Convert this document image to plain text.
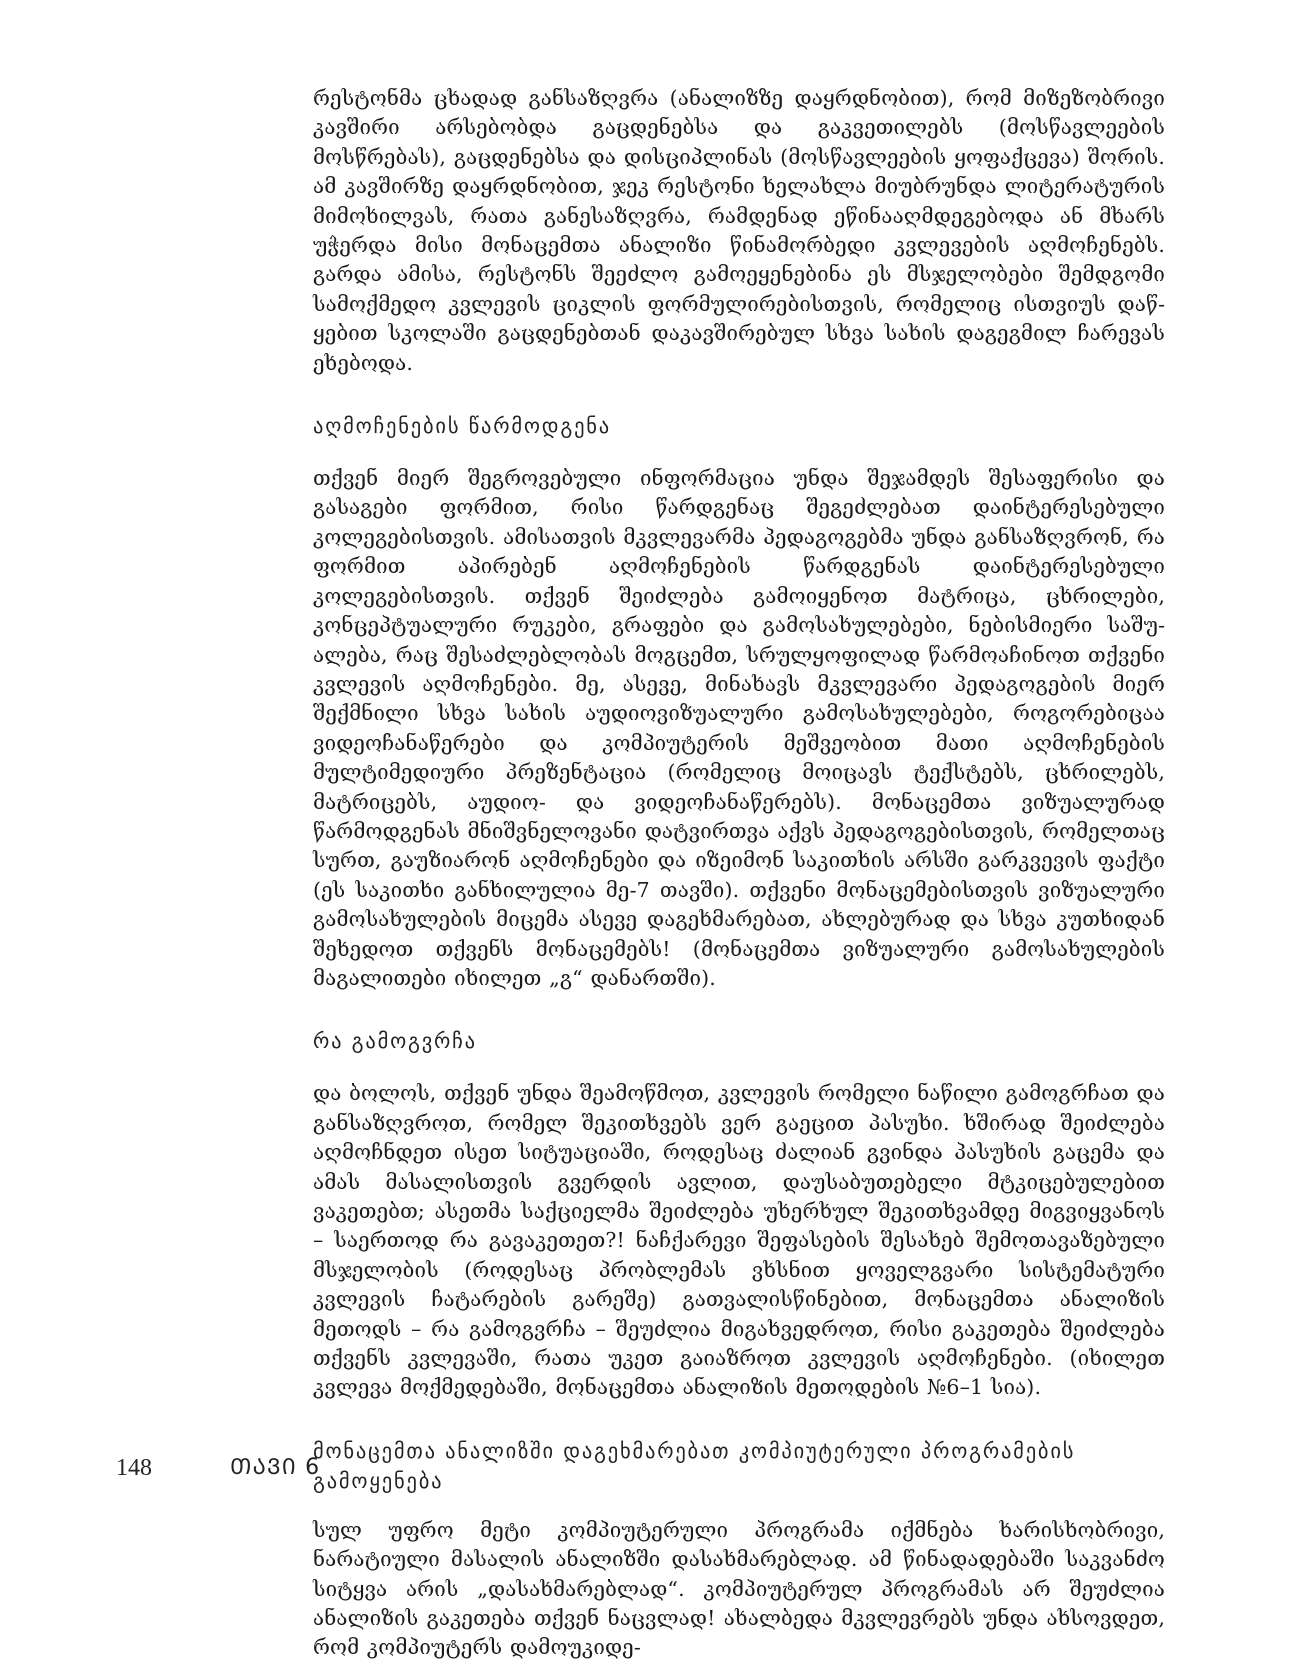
რესტონმა ცხადად განსაზღვრა (ანალიზზე დაყრდნობით), რომ მიზეზობრივი კავშირი არსებობდა გაცდენებსა და გაკვეთილებს (მოსწავლეების მოსწრებას), გაცდენებსა და დისციპლინას (მოსწავლეების ყოფაქცევა) შორის. ამ კავშირზე დაყრდნობით, ჯეკ რესტონი ხელახლა მიუბრუნდა ლიტერატურის მიმოხილვას, რათა განესაზღვრა, რამდენად ეწინააღმდეგებოდა ან მხარს უჭერდა მისი მონაცემთა ანალიზი წინამორბედი კვლევების აღმოჩენებს. გარდა ამისა, რესტონს შეეძლო გამოეყენებინა ეს მსჯელობები შემდგომი სამოქმედო კვლევის ციკლის ფორმულირებისთვის, რომელიც ისთვიუს დაწყებით სკოლაში გაცდენებთან დაკავშირებულ სხვა სახის დაგეგმილ ჩარევას ეხებოდა.

აღმოჩენების წარმოდგენა

თქვენ მიერ შეგროვებული ინფორმაცია უნდა შეჯამდეს შესაფერისი და გასაგები ფორმით, რისი წარდგენაც შეგეძლებათ დაინტერესებული კოლეგებისთვის. ამისათვის მკვლევარმა პედაგოგებმა უნდა განსაზღვრონ, რა ფორმით აპირებენ აღმოჩენების წარდგენას დაინტერესებული კოლეგებისთვის. თქვენ შეიძლება გამოიყენოთ მატრიცა, ცხრილები, კონცეპტუალური რუკები, გრაფები და გამოსახულებები, ნებისმიერი საშუალება, რაც შესაძლებლობას მოგცემთ, სრულყოფილად წარმოაჩინოთ თქვენი კვლევის აღმოჩენები. მე, ასევე, მინახავს მკვლევარი პედაგოგების მიერ შექმნილი სხვა სახის აუდიოვიზუალური გამოსახულებები, როგორებიცაა ვიდეოჩანაწერები და კომპიუტერის მეშვეობით მათი აღმოჩენების მულტიმედიური პრეზენტაცია (რომელიც მოიცავს ტექსტებს, ცხრილებს, მატრიცებს, აუდიო- და ვიდეოჩანაწერებს). მონაცემთა ვიზუალურად წარმოდგენას მნიშვნელოვანი დატვირთვა აქვს პედაგოგებისთვის, რომელთაც სურთ, გაუზიარონ აღმოჩენები და იზეიმონ საკითხის არსში გარკვევის ფაქტი (ეს საკითხი განხილულია მე-7 თავში). თქვენი მონაცემებისთვის ვიზუალური გამოსახულების მიცემა ასევე დაგეხმარებათ, ახლებურად და სხვა კუთხიდან შეხედოთ თქვენს მონაცემებს! (მონაცემთა ვიზუალური გამოსახულების მაგალითები იხილეთ „გ“ დანართში).

რა გამოგვრჩა

და ბოლოს, თქვენ უნდა შეამოწმოთ, კვლევის რომელი ნაწილი გამოგრჩათ და განსაზღვროთ, რომელ შეკითხვებს ვერ გაეცით პასუხი. ხშირად შეიძლება აღმოჩნდეთ ისეთ სიტუაციაში, როდესაც ძალიან გვინდა პასუხის გაცემა და ამას მასალისთვის გვერდის ავლით, დაუსაბუთებელი მტკიცებულებით ვაკეთებთ; ასეთმა საქციელმა შეიძლება უხერხულ შეკითხვამდე მიგვიყვანოს – საერთოდ რა გავაკეთეთ?! ნაჩქარევი შეფასების შესახებ შემოთავაზებული მსჯელობის (როდესაც პრობლემას ვხსნით ყოველგვარი სისტემატური კვლევის ჩატარების გარეშე) გათვალისწინებით, მონაცემთა ანალიზის მეთოდს – რა გამოგვრჩა – შეუძლია მიგახვედროთ, რისი გაკეთება შეიძლება თქვენს კვლევაში, რათა უკეთ გაიაზროთ კვლევის აღმოჩენები. (იხილეთ კვლევა მოქმედებაში, მონაცემთა ანალიზის მეთოდების №6–1 სია).

მონაცემთა ანალიზში დაგეხმარებათ კომპიუტერული პროგრამების გამოყენება

სულ უფრო მეტი კომპიუტერული პროგრამა იქმნება ხარისხობრივი, ნარატიული მასალის ანალიზში დასახმარებლად. ამ წინადადებაში საკვანძო სიტყვა არის „დასახმარებლად“. კომპიუტერულ პროგრამას არ შეუძლია ანალიზის გაკეთება თქვენ ნაცვლად! ახალბედა მკვლევრებს უნდა ახსოვდეთ, რომ კომპიუტერს დამოუკიდე-

148	ᲗᲐᲕᲘ 6
